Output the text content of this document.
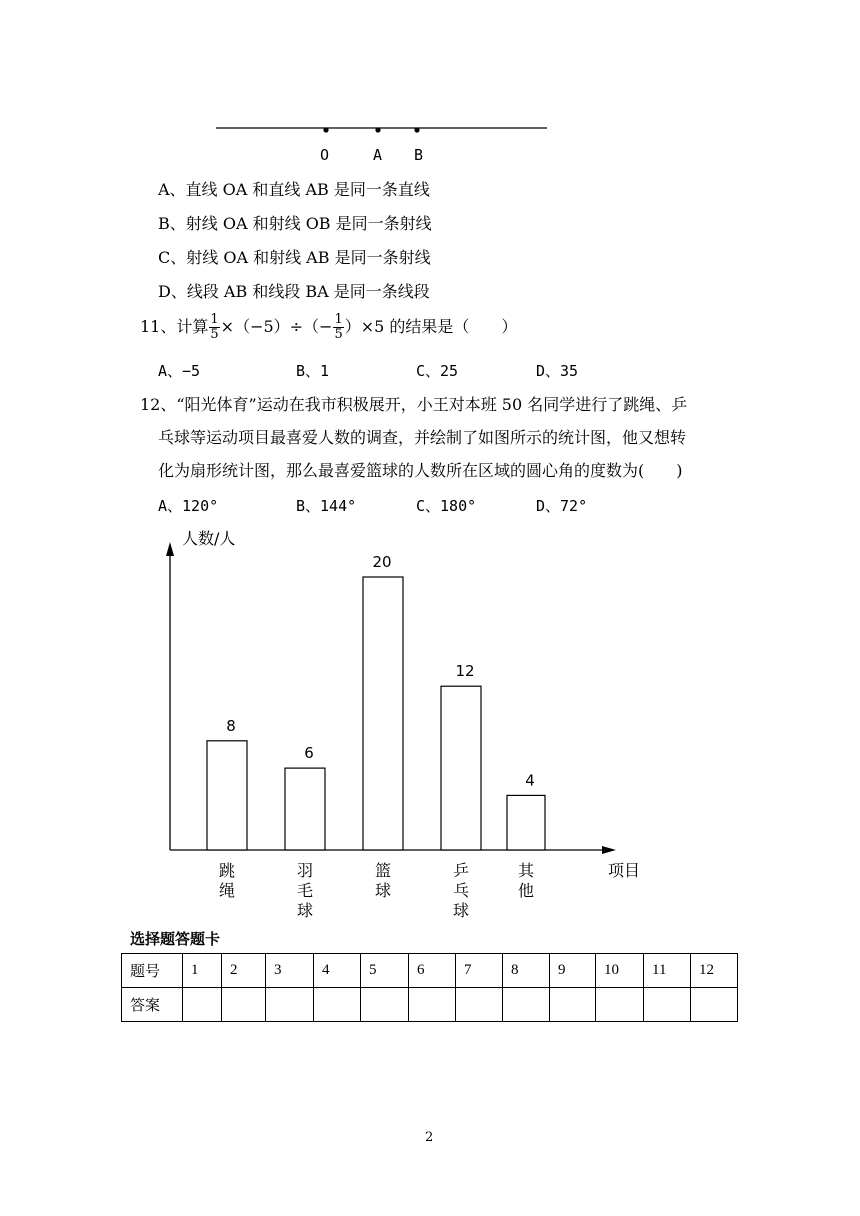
O	A B
A、直线 OA 和直线 AB 是同一条直线
B、射线 OA 和射线 OB 是同一条射线
C、射线 OA 和射线 AB 是同一条射线
D、线段 AB 和线段 BA 是同一条线段
11、计算 $\frac{1}{5} \times(-5)\div(- \frac{1}{5} )\times 5$ 的结果是（　　）
A、−5	B、1	C、25	D、35
12、“阳光体育”运动在我市积极展开，小王对本班 50 名同学进行了跳绳、乒
乓球等运动项目最喜爱人数的调查，并绘制了如图所示的统计图，他又想转
化为扇形统计图，那么最喜爱篮球的人数所在区域的圆心角的度数为(　　)
A、120°	B、144°	C、180°	D、72°
人数/人
项目
8
跳
绳
6
羽
毛
球
20
篮
球
12
乒
乓
球
4
其
他
选择题答题卡
题号	1	2	3	4	5	6	7	8	9	10	11	12
答案												
2
